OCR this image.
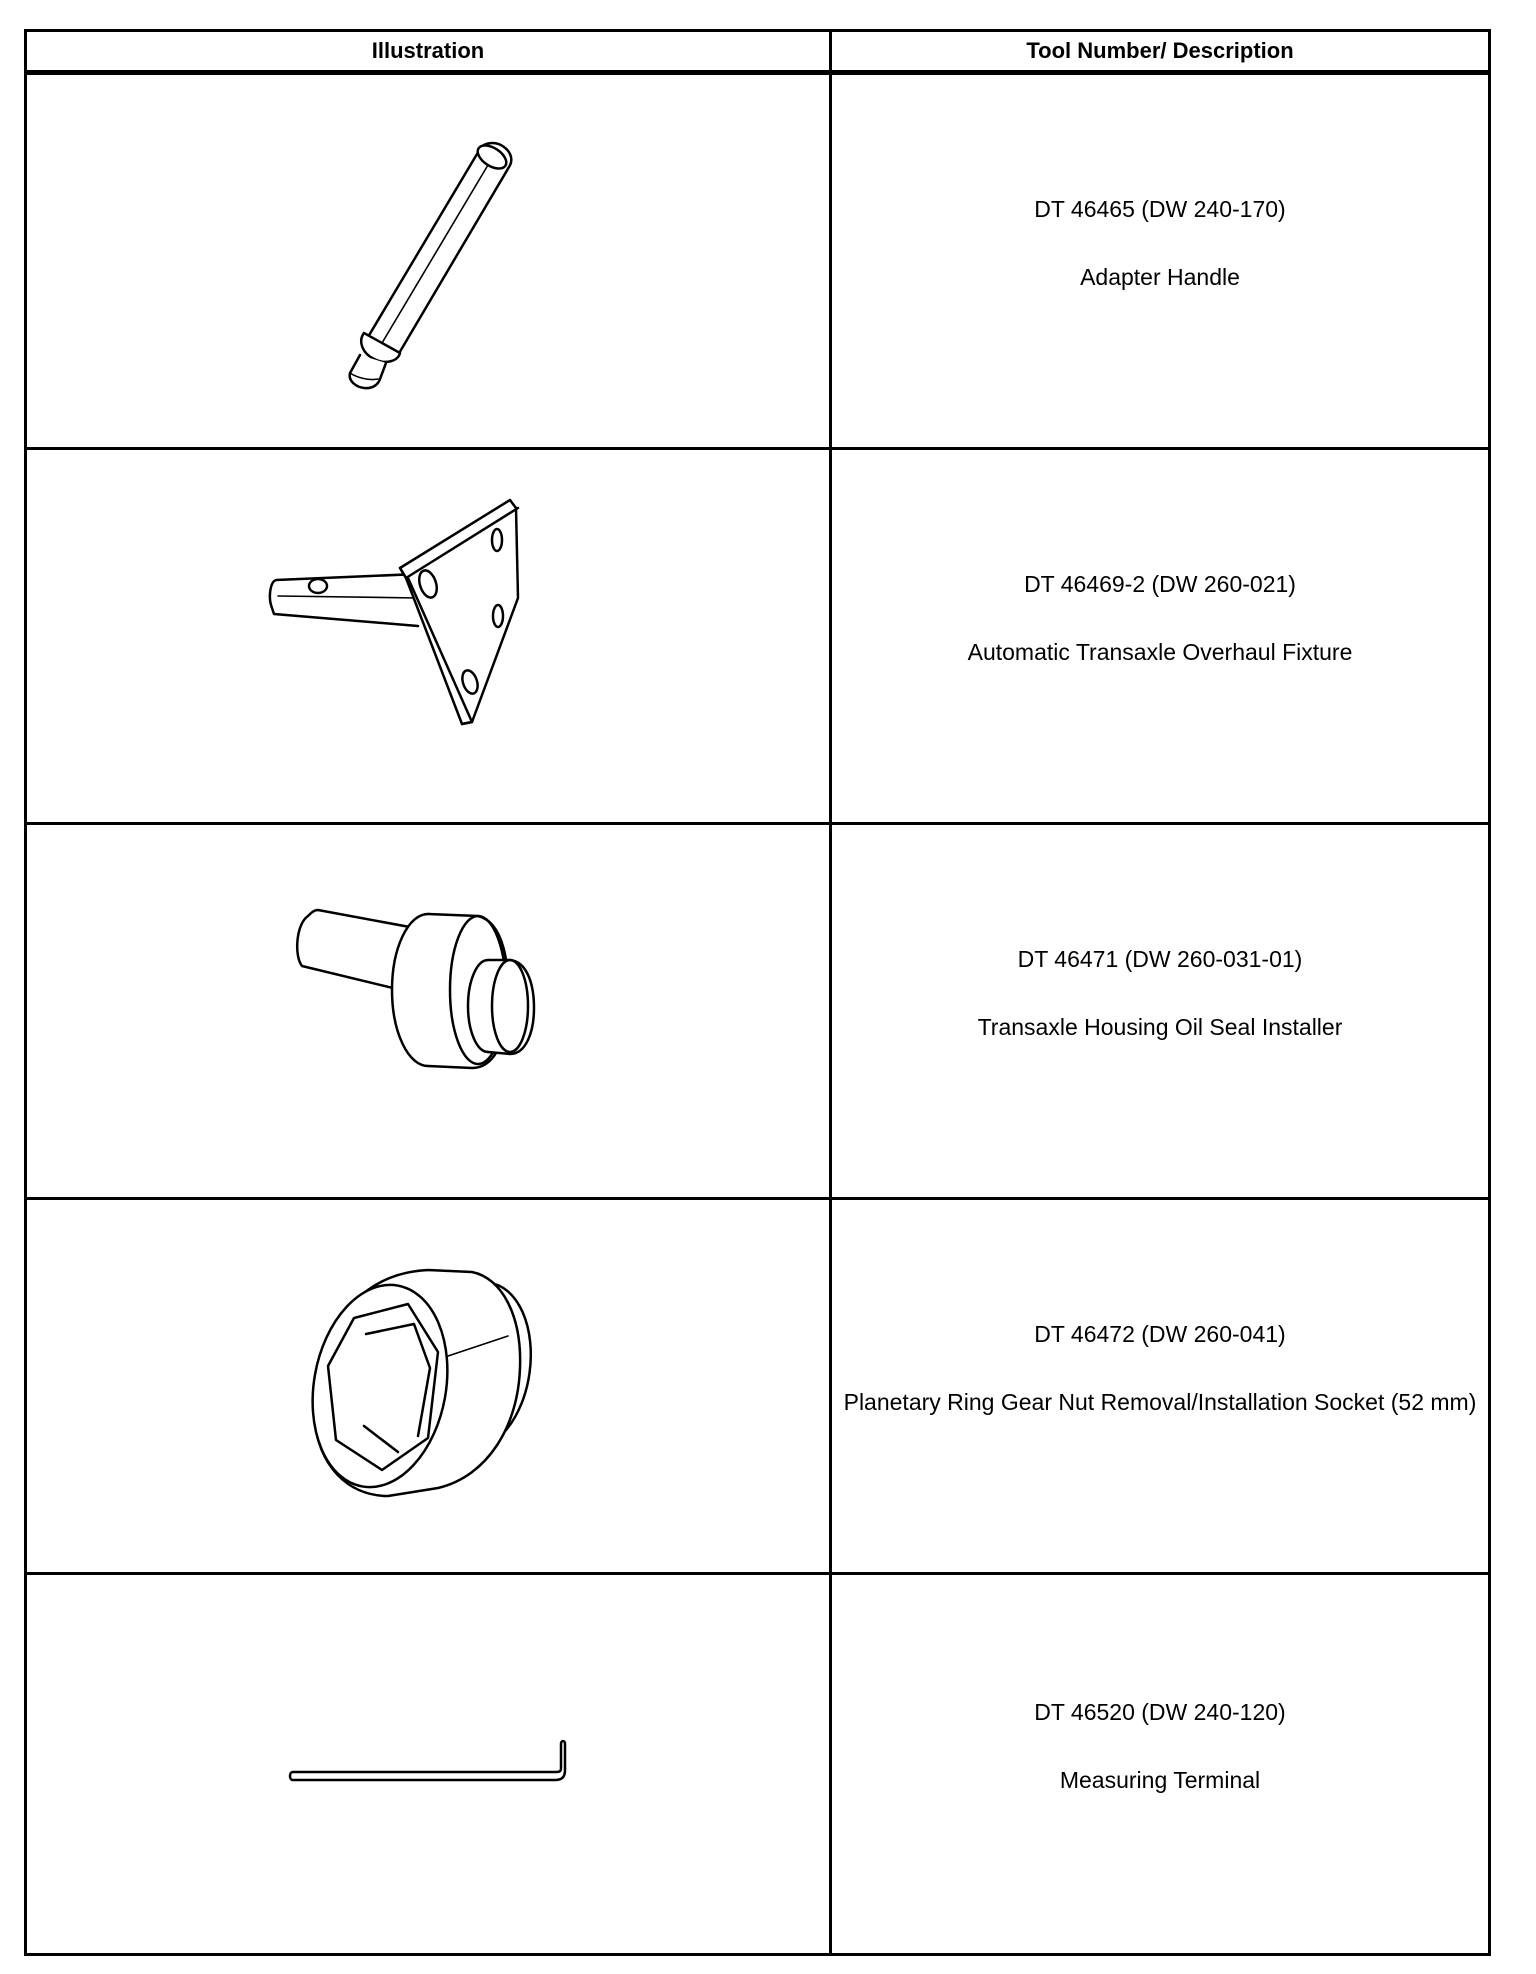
Illustration	Tool Number/ Description

DT 46465 (DW 240-170)
Adapter Handle

DT 46469-2 (DW 260-021)
Automatic Transaxle Overhaul Fixture

DT 46471 (DW 260-031-01)
Transaxle Housing Oil Seal Installer

DT 46472 (DW 260-041)
Planetary Ring Gear Nut Removal/Installation Socket (52 mm)

DT 46520 (DW 240-120)
Measuring Terminal
